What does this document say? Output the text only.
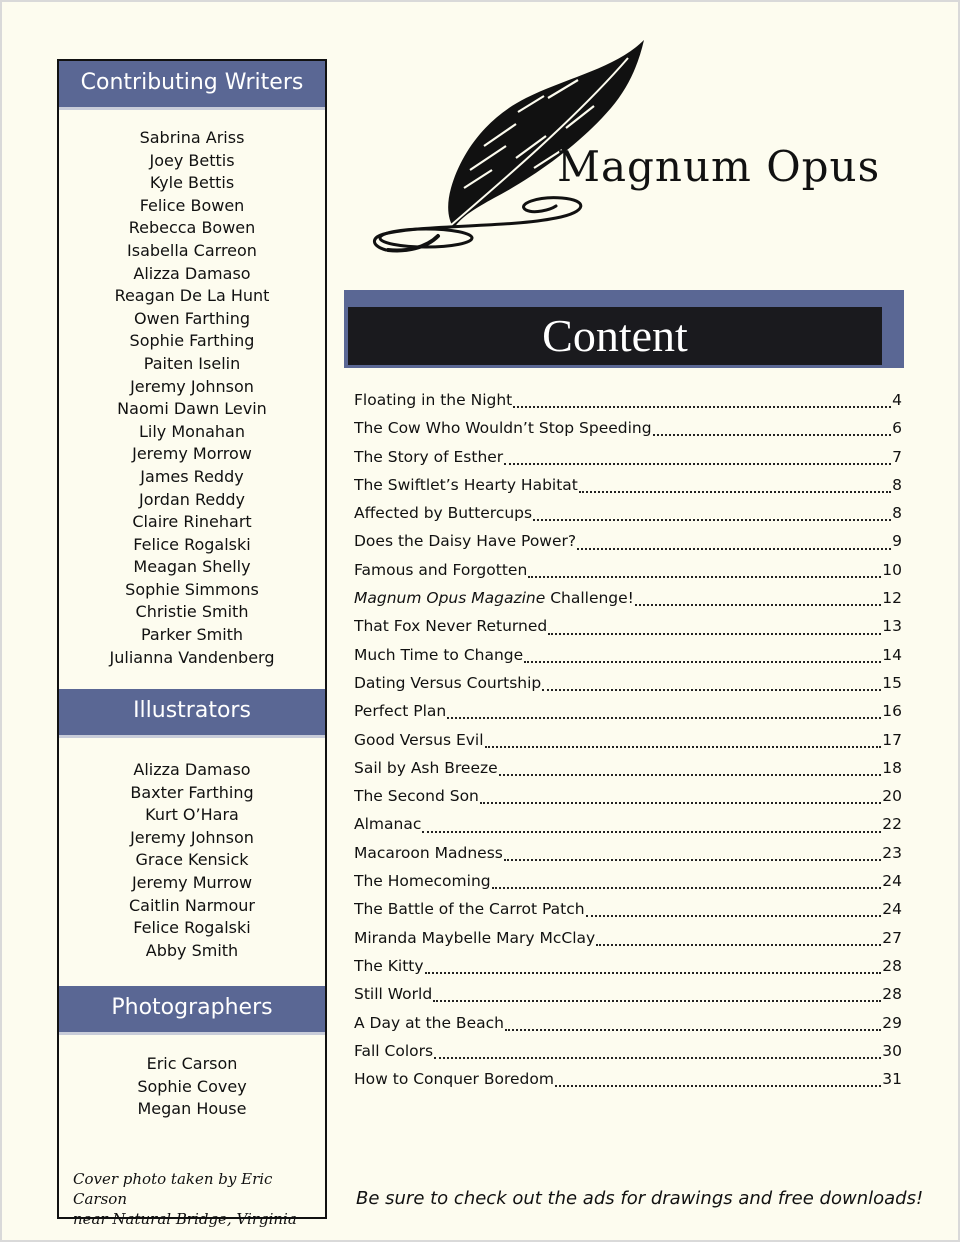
Contributing Writers
Sabrina Ariss
Joey Bettis
Kyle Bettis
Felice Bowen
Rebecca Bowen
Isabella Carreon
Alizza Damaso
Reagan De La Hunt
Owen Farthing
Sophie Farthing
Paiten Iselin
Jeremy Johnson
Naomi Dawn Levin
Lily Monahan
Jeremy Morrow
James Reddy
Jordan Reddy
Claire Rinehart
Felice Rogalski
Meagan Shelly
Sophie Simmons
Christie Smith
Parker Smith
Julianna Vandenberg
Illustrators
Alizza Damaso
Baxter Farthing
Kurt O’Hara
Jeremy Johnson
Grace Kensick
Jeremy Murrow
Caitlin Narmour
Felice Rogalski
Abby Smith
Photographers
Eric Carson
Sophie Covey
Megan House
Cover photo taken by Eric Carson
near Natural Bridge, Virginia
Magnum Opus
Content
Floating in the Night	4
The Cow Who Wouldn’t Stop Speeding	6
The Story of Esther	7
The Swiftlet’s Hearty Habitat	8
Affected by Buttercups	8
Does the Daisy Have Power?	9
Famous and Forgotten	10
Magnum Opus Magazine Challenge!	12
That Fox Never Returned	13
Much Time to Change	14
Dating Versus Courtship	15
Perfect Plan	16
Good Versus Evil	17
Sail by Ash Breeze	18
The Second Son	20
Almanac	22
Macaroon Madness	23
The Homecoming	24
The Battle of the Carrot Patch	24
Miranda Maybelle Mary McClay	27
The Kitty	28
Still World	28
A Day at the Beach	29
Fall Colors	30
How to Conquer Boredom	31
Be sure to check out the ads for drawings and free downloads!
